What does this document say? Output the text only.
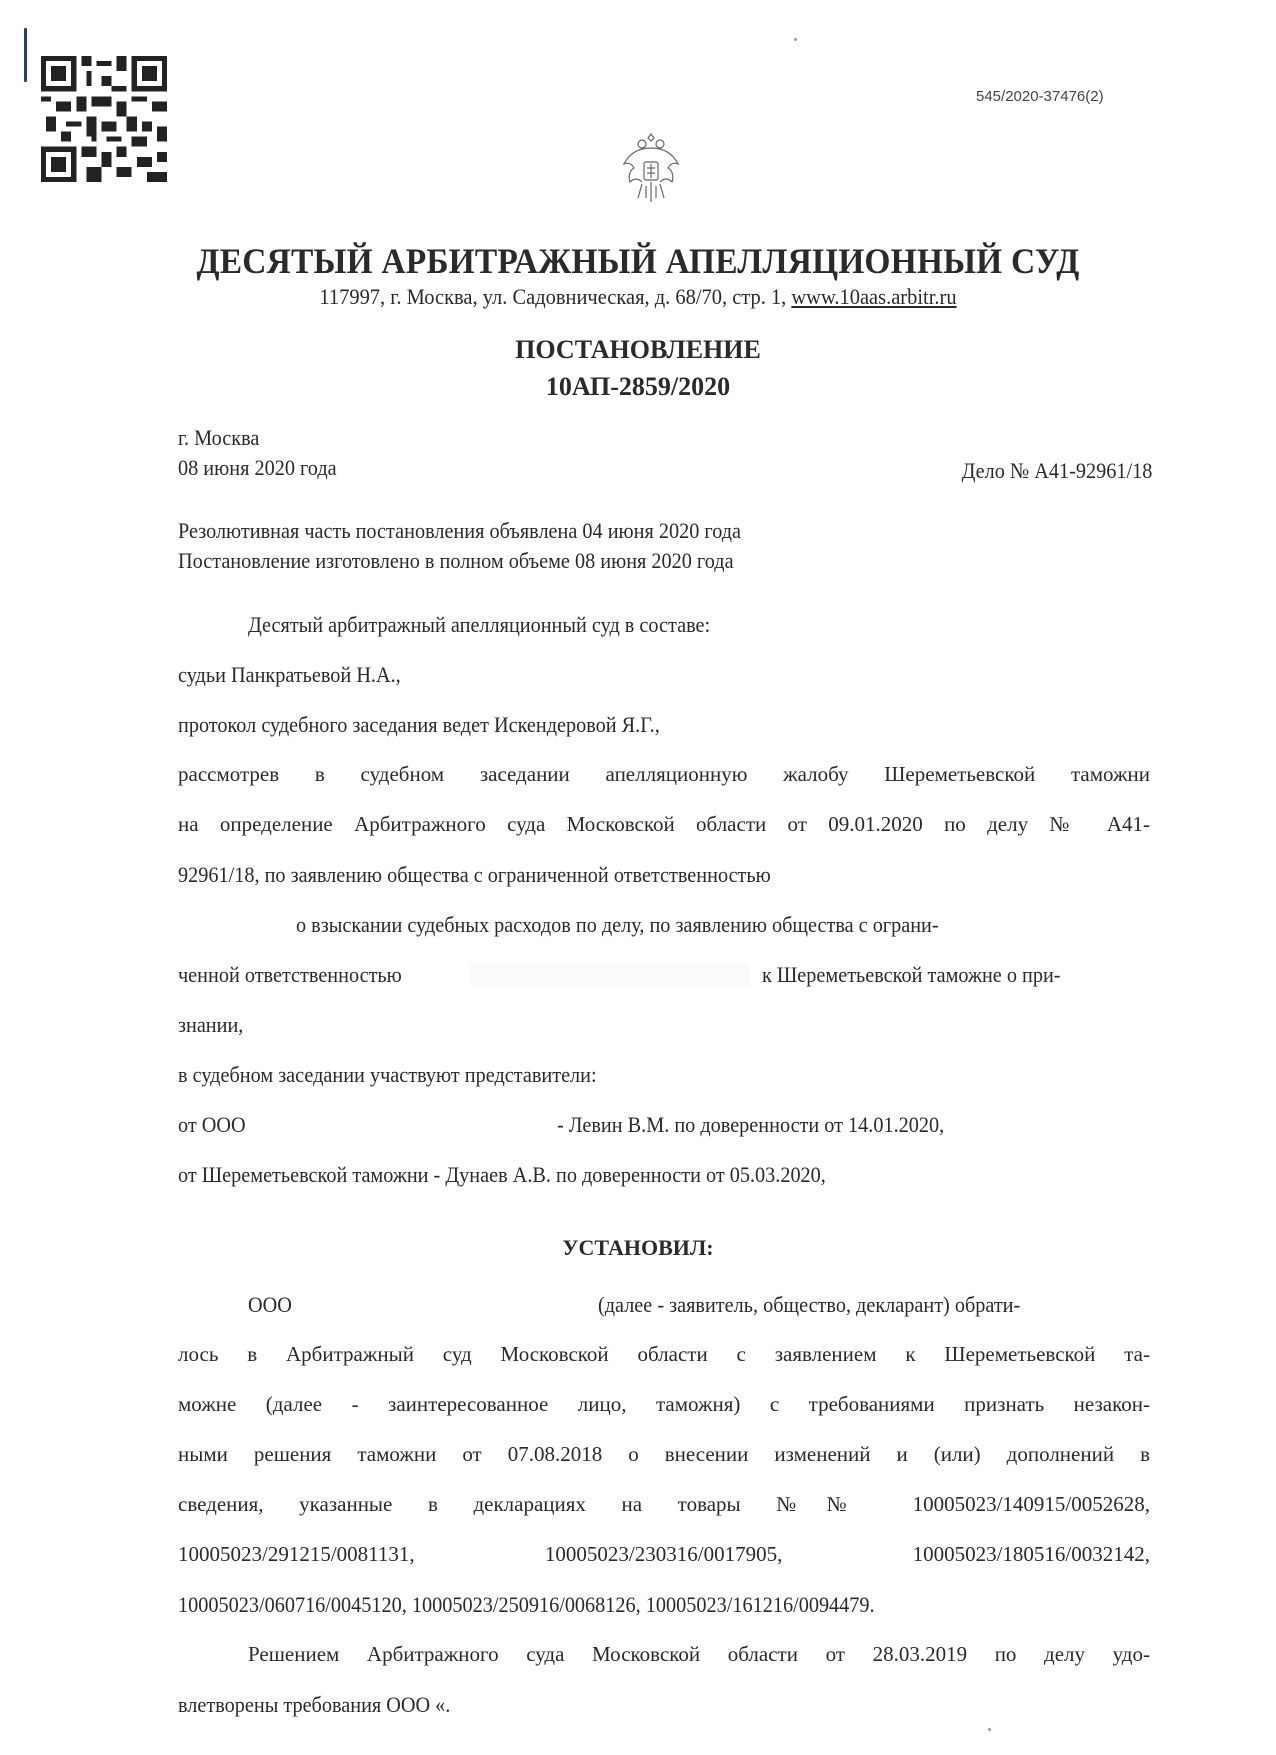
545/2020-37476(2)
ДЕСЯТЫЙ АРБИТРАЖНЫЙ АПЕЛЛЯЦИОННЫЙ СУД
117997, г. Москва, ул. Садовническая, д. 68/70, стр. 1, www.10aas.arbitr.ru
ПОСТАНОВЛЕНИЕ
10АП-2859/2020
г. Москва
08 июня 2020 года	Дело № А41-92961/18
Резолютивная часть постановления объявлена 04 июня 2020 года
Постановление изготовлено в полном объеме 08 июня 2020 года
Десятый арбитражный апелляционный суд в составе:
судьи Панкратьевой Н.А.,
протокол судебного заседания ведет Искендеровой Я.Г.,
рассмотрев в судебном заседании апелляционную жалобу Шереметьевской таможни
на определение Арбитражного суда Московской области от 09.01.2020 по делу № А41-
92961/18, по заявлению общества с ограниченной ответственностью
о взыскании судебных расходов по делу, по заявлению общества с ограни-
ченной ответственностью	к Шереметьевской таможне о при-
знании,
в судебном заседании участвуют представители:
от ООО	- Левин В.М. по доверенности от 14.01.2020,
от Шереметьевской таможни - Дунаев А.В. по доверенности от 05.03.2020,
УСТАНОВИЛ:
ООО	(далее - заявитель, общество, декларант) обрати-
лось в Арбитражный суд Московской области с заявлением к Шереметьевской та-
можне (далее - заинтересованное лицо, таможня) с требованиями признать незакон-
ными решения таможни от 07.08.2018 о внесении изменений и (или) дополнений в
сведения, указанные в декларациях на товары №№ 10005023/140915/0052628,
10005023/291215/0081131, 10005023/230316/0017905, 10005023/180516/0032142,
10005023/060716/0045120, 10005023/250916/0068126, 10005023/161216/0094479.
Решением Арбитражного суда Московской области от 28.03.2019 по делу удо-
влетворены требования ООО «.
